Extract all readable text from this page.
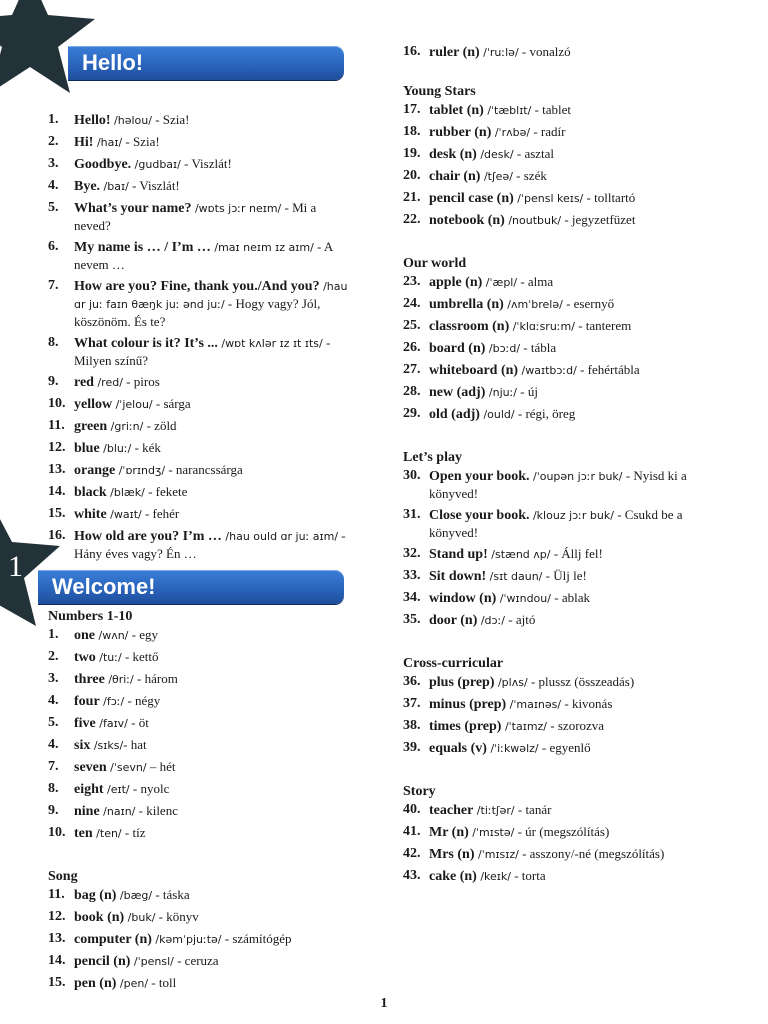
1
Hello!
Welcome!
1. Hello! /həlou/ - Szia!
2. Hi! /haɪ/ - Szia!
3. Goodbye. /gudbaɪ/ - Viszlát!
4. Bye. /baɪ/ - Viszlát!
5. What’s your name? /wɒts jɔːr neɪm/ - Mi a neved?
6. My name is … / I’m … /maɪ neɪm ɪz aɪm/ - A nevem …
7. How are you? Fine, thank you./And you? /hau ɑr juː faɪn θæŋk juː ənd juː/ - Hogy vagy? Jól, köszönöm. És te?
8. What colour is it? It’s ... /wɒt kʌlər ɪz ɪt ɪts/ - Milyen színű?
9. red /red/ - piros
10. yellow /ˈjelou/ - sárga
11. green /griːn/ - zöld
12. blue /bluː/ - kék
13. orange /ˈɒrɪndʒ/ - narancssárga
14. black /blæk/ - fekete
15. white /waɪt/ - fehér
16. How old are you? I’m … /hau ould ɑr juː aɪm/ - Hány éves vagy? Én …
Numbers 1-10
1. one /wʌn/ - egy
2. two /tuː/ - kettő
3. three /θriː/ - három
4. four /fɔː/ - négy
5. five /faɪv/ - öt
4. six /sɪks/- hat
7. seven /ˈsevn/ – hét
8. eight /eɪt/ - nyolc
9. nine /naɪn/ - kilenc
10. ten /ten/ - tíz
Song
11. bag (n) /bæg/ - táska
12. book (n) /buk/ - könyv
13. computer (n) /kəmˈpjuːtə/ - számítógép
14. pencil (n) /ˈpensl/ - ceruza
15. pen (n) /pen/ - toll
16. ruler (n) /ˈruːlə/ - vonalzó
Young Stars
17. tablet (n) /ˈtæblɪt/ - tablet
18. rubber (n) /ˈrʌbə/ - radír
19. desk (n) /desk/ - asztal
20. chair (n) /tʃeə/ - szék
21. pencil case (n) /ˈpensl keɪs/ - tolltartó
22. notebook (n) /noutbuk/ - jegyzetfüzet
Our world
23. apple (n) /ˈæpl/ - alma
24. umbrella (n) /ʌmˈbrelə/ - esernyő
25. classroom (n) /ˈklɑːsruːm/ - tanterem
26. board (n) /bɔːd/ - tábla
27. whiteboard (n) /waɪtbɔːd/ - fehértábla
28. new (adj) /njuː/ - új
29. old (adj) /ould/ - régi, öreg
Let’s play
30. Open your book. /ˈoupən jɔːr buk/ - Nyisd ki a könyved!
31. Close your book. /klouz jɔːr buk/ - Csukd be a könyved!
32. Stand up! /stænd ʌp/ - Állj fel!
33. Sit down! /sɪt daun/ - Ülj le!
34. window (n) /ˈwɪndou/ - ablak
35. door (n) /dɔː/ - ajtó
Cross-curricular
36. plus (prep) /plʌs/ - plussz (összeadás)
37. minus (prep) /ˈmaɪnəs/ - kivonás
38. times (prep) /ˈtaɪmz/ - szorozva
39. equals (v) /ˈiːkwəlz/ - egyenlő
Story
40. teacher /tiːtʃər/ - tanár
41. Mr (n) /ˈmɪstə/ - úr (megszólítás)
42. Mrs (n) /ˈmɪsɪz/ - asszony/-né (megszólítás)
43. cake (n) /keɪk/ - torta
1
